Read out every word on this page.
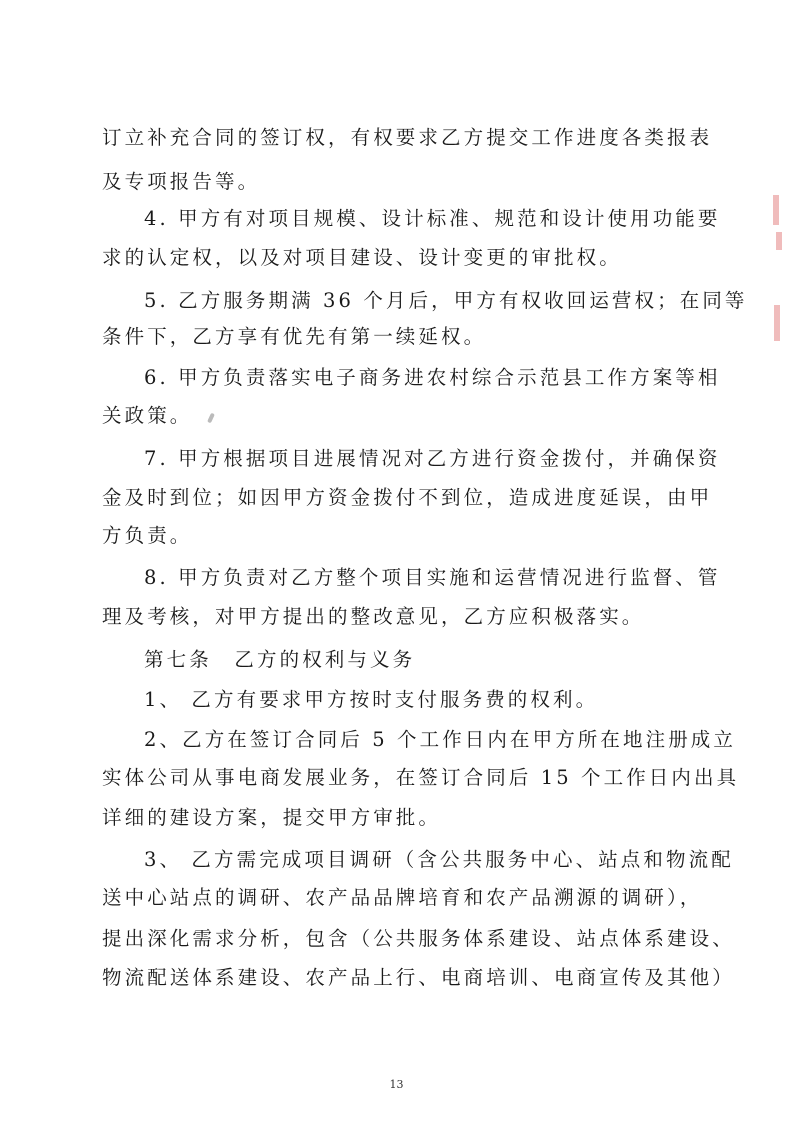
订立补充合同的签订权，有权要求乙方提交工作进度各类报表
及专项报告等。
4. 甲方有对项目规模、设计标准、规范和设计使用功能要
求的认定权，以及对项目建设、设计变更的审批权。
5. 乙方服务期满 36 个月后，甲方有权收回运营权；在同等
条件下，乙方享有优先有第一续延权。
6. 甲方负责落实电子商务进农村综合示范县工作方案等相
关政策。
7. 甲方根据项目进展情况对乙方进行资金拨付，并确保资
金及时到位；如因甲方资金拨付不到位，造成进度延误，由甲
方负责。
8. 甲方负责对乙方整个项目实施和运营情况进行监督、管
理及考核，对甲方提出的整改意见，乙方应积极落实。
第七条　乙方的权利与义务
1、 乙方有要求甲方按时支付服务费的权利。
2、乙方在签订合同后 5 个工作日内在甲方所在地注册成立
实体公司从事电商发展业务，在签订合同后 15 个工作日内出具
详细的建设方案，提交甲方审批。
3、 乙方需完成项目调研（含公共服务中心、站点和物流配
送中心站点的调研、农产品品牌培育和农产品溯源的调研），
提出深化需求分析，包含（公共服务体系建设、站点体系建设、
物流配送体系建设、农产品上行、电商培训、电商宣传及其他）
13
